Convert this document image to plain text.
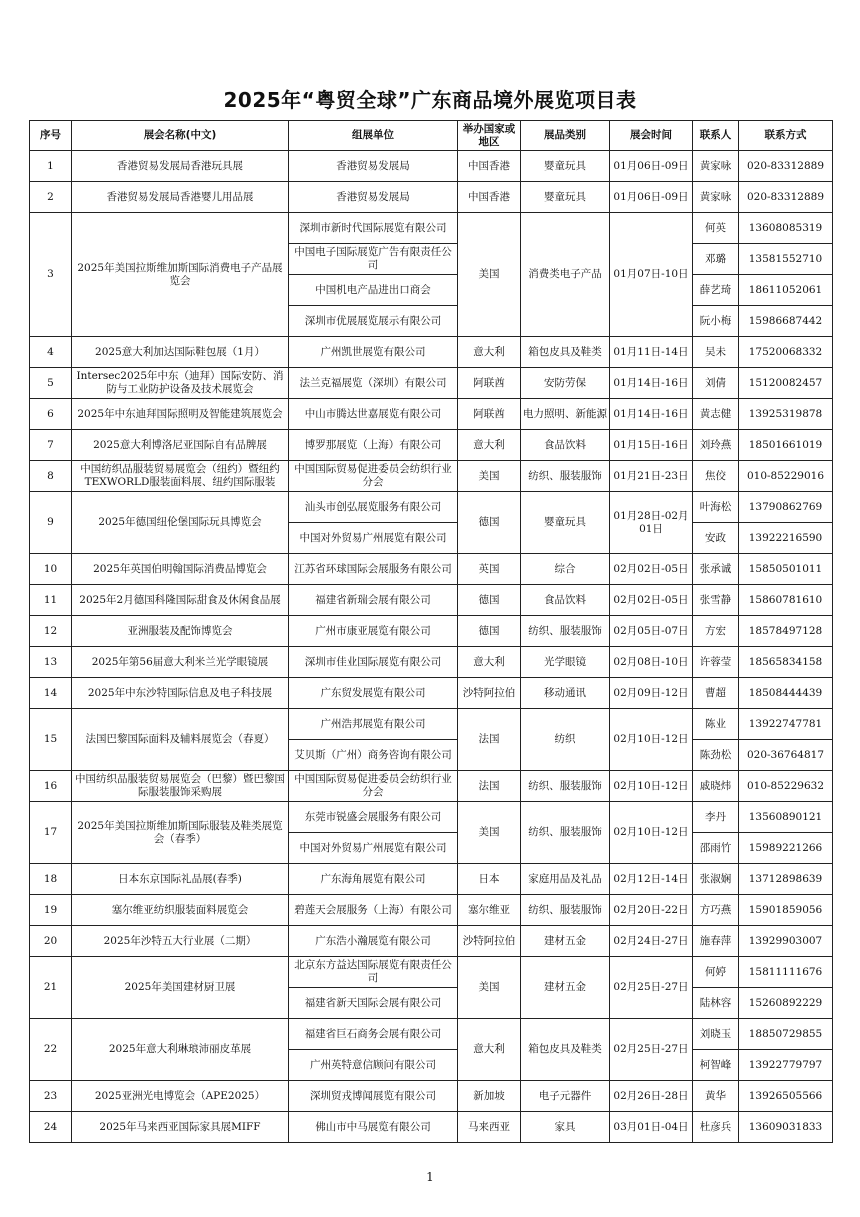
2025年“粤贸全球”广东商品境外展览项目表
序号	展会名称(中文)	组展单位	举办国家或地区	展品类别	展会时间	联系人	联系方式
1	香港贸易发展局香港玩具展	香港贸易发展局	中国香港	婴童玩具	01月06日-09日	黄家咏	020-83312889
2	香港贸易发展局香港婴儿用品展	香港贸易发展局	中国香港	婴童玩具	01月06日-09日	黄家咏	020-83312889
3	2025年美国拉斯维加斯国际消费电子产品展览会	深圳市新时代国际展览有限公司	美国	消费类电子产品	01月07日-10日	何英	13608085319
		中国电子国际展览广告有限责任公司				邓璐	13581552710
		中国机电产品进出口商会				薛艺琦	18611052061
		深圳市优展展览展示有限公司				阮小梅	15986687442
4	2025意大利加达国际鞋包展（1月）	广州凯世展览有限公司	意大利	箱包皮具及鞋类	01月11日-14日	吴未	17520068332
5	Intersec2025年中东（迪拜）国际安防、消防与工业防护设备及技术展览会	法兰克福展览（深圳）有限公司	阿联酋	安防劳保	01月14日-16日	刘倩	15120082457
6	2025年中东迪拜国际照明及智能建筑展览会	中山市腾达世嘉展览有限公司	阿联酋	电力照明、新能源	01月14日-16日	黄志健	13925319878
7	2025意大利博洛尼亚国际自有品牌展	博罗那展览（上海）有限公司	意大利	食品饮料	01月15日-16日	刘玲燕	18501661019
8	中国纺织品服装贸易展览会（纽约）暨纽约TEXWORLD服装面料展、纽约国际服装	中国国际贸易促进委员会纺织行业分会	美国	纺织、服装服饰	01月21日-23日	焦佼	010-85229016
9	2025年德国纽伦堡国际玩具博览会	汕头市创弘展览服务有限公司	德国	婴童玩具	01月28日-02月01日	叶海松	13790862769
		中国对外贸易广州展览有限公司				安政	13922216590
10	2025年英国伯明翰国际消费品博览会	江苏省环球国际会展服务有限公司	英国	综合	02月02日-05日	张承诚	15850501011
11	2025年2月德国科隆国际甜食及休闲食品展	福建省新瑞会展有限公司	德国	食品饮料	02月02日-05日	张雪静	15860781610
12	亚洲服装及配饰博览会	广州市康亚展览有限公司	德国	纺织、服装服饰	02月05日-07日	方宏	18578497128
13	2025年第56届意大利米兰光学眼镜展	深圳市佳业国际展览有限公司	意大利	光学眼镜	02月08日-10日	许蓉莹	18565834158
14	2025年中东沙特国际信息及电子科技展	广东贸发展览有限公司	沙特阿拉伯	移动通讯	02月09日-12日	曹超	18508444439
15	法国巴黎国际面料及辅料展览会（春夏）	广州浩邦展览有限公司	法国	纺织	02月10日-12日	陈业	13922747781
		艾贝斯（广州）商务咨询有限公司				陈劲松	020-36764817
16	中国纺织品服装贸易展览会（巴黎）暨巴黎国际服装服饰采购展	中国国际贸易促进委员会纺织行业分会	法国	纺织、服装服饰	02月10日-12日	戚晓炜	010-85229632
17	2025年美国拉斯维加斯国际服装及鞋类展览会（春季）	东莞市锐盛会展服务有限公司	美国	纺织、服装服饰	02月10日-12日	李丹	13560890121
		中国对外贸易广州展览有限公司				邵雨竹	15989221266
18	日本东京国际礼品展(春季)	广东海角展览有限公司	日本	家庭用品及礼品	02月12日-14日	张淑娴	13712898639
19	塞尔维亚纺织服装面料展览会	碧莲天会展服务（上海）有限公司	塞尔维亚	纺织、服装服饰	02月20日-22日	方巧燕	15901859056
20	2025年沙特五大行业展（二期）	广东浩小瀚展览有限公司	沙特阿拉伯	建材五金	02月24日-27日	施春萍	13929903007
21	2025年美国建材厨卫展	北京东方益达国际展览有限责任公司	美国	建材五金	02月25日-27日	何婷	15811111676
		福建省新天国际会展有限公司				陆林容	15260892229
22	2025年意大利琳琅沛丽皮革展	福建省巨石商务会展有限公司	意大利	箱包皮具及鞋类	02月25日-27日	刘晓玉	18850729855
		广州英特意信顾问有限公司				柯智峰	13922779797
23	2025亚洲光电博览会（APE2025）	深圳贸戎博闻展览有限公司	新加坡	电子元器件	02月26日-28日	黄华	13926505566
24	2025年马来西亚国际家具展MIFF	佛山市中马展览有限公司	马来西亚	家具	03月01日-04日	杜彦兵	13609031833
1
